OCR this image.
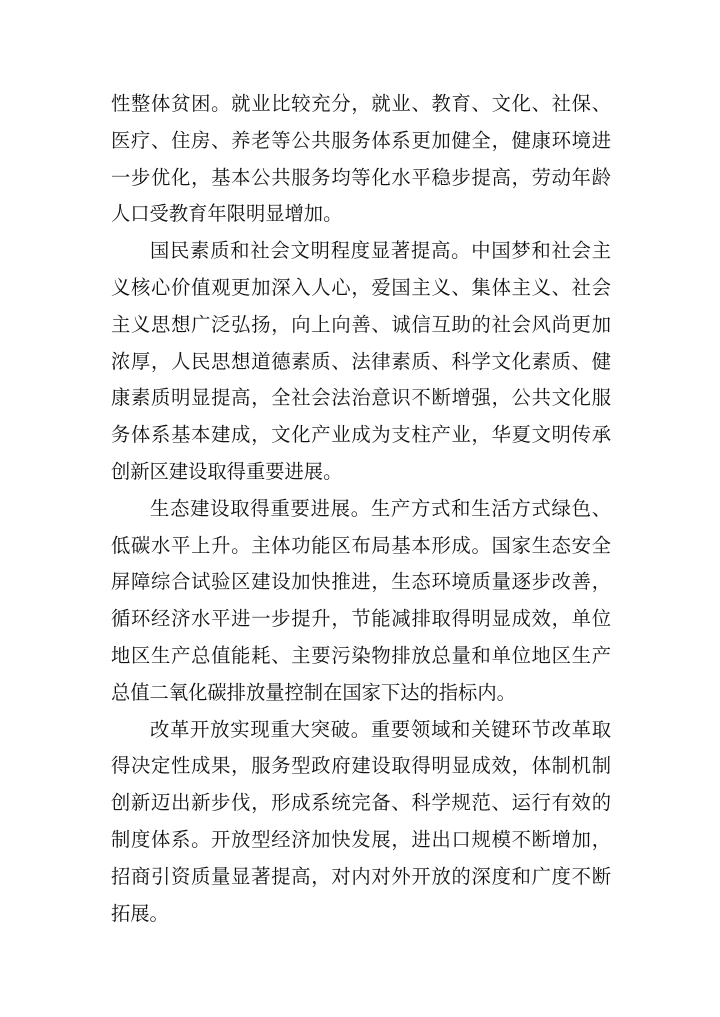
性整体贫困。就业比较充分，就业、教育、文化、社保、医疗、住房、养老等公共服务体系更加健全，健康环境进一步优化，基本公共服务均等化水平稳步提高，劳动年龄人口受教育年限明显增加。

国民素质和社会文明程度显著提高。中国梦和社会主义核心价值观更加深入人心，爱国主义、集体主义、社会主义思想广泛弘扬，向上向善、诚信互助的社会风尚更加浓厚，人民思想道德素质、法律素质、科学文化素质、健康素质明显提高，全社会法治意识不断增强，公共文化服务体系基本建成，文化产业成为支柱产业，华夏文明传承创新区建设取得重要进展。

生态建设取得重要进展。生产方式和生活方式绿色、低碳水平上升。主体功能区布局基本形成。国家生态安全屏障综合试验区建设加快推进，生态环境质量逐步改善，循环经济水平进一步提升，节能减排取得明显成效，单位地区生产总值能耗、主要污染物排放总量和单位地区生产总值二氧化碳排放量控制在国家下达的指标内。

改革开放实现重大突破。重要领域和关键环节改革取得决定性成果，服务型政府建设取得明显成效，体制机制创新迈出新步伐，形成系统完备、科学规范、运行有效的制度体系。开放型经济加快发展，进出口规模不断增加，招商引资质量显著提高，对内对外开放的深度和广度不断拓展。
